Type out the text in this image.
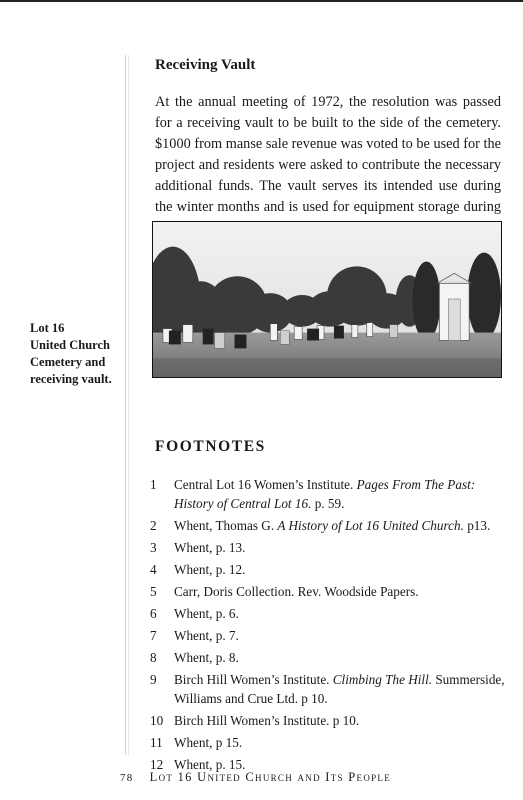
Receiving Vault

At the annual meeting of 1972, the resolution was passed for a receiving vault to be built to the side of the cemetery. $1000 from manse sale revenue was voted to be used for the project and residents were asked to contribute the necessary additional funds. The vault serves its intended use during the winter months and is used for equipment storage during

Lot 16
United Church
Cemetery and
receiving vault.

FOOTNOTES
1	Central Lot 16 Women’s Institute. Pages From The Past: History of Central Lot 16. p. 59.
2	Whent, Thomas G. A History of Lot 16 United Church. p13.
3	Whent, p. 13.
4	Whent, p. 12.
5	Carr, Doris Collection. Rev. Woodside Papers.
6	Whent, p. 6.
7	Whent, p. 7.
8	Whent, p. 8.
9	Birch Hill Women’s Institute. Climbing The Hill. Summerside, Williams and Crue Ltd. p 10.
10 Birch Hill Women’s Institute. p 10.
11 Whent, p 15.
12 Whent, p. 15.
78 Lot 16 United Church and Its People
